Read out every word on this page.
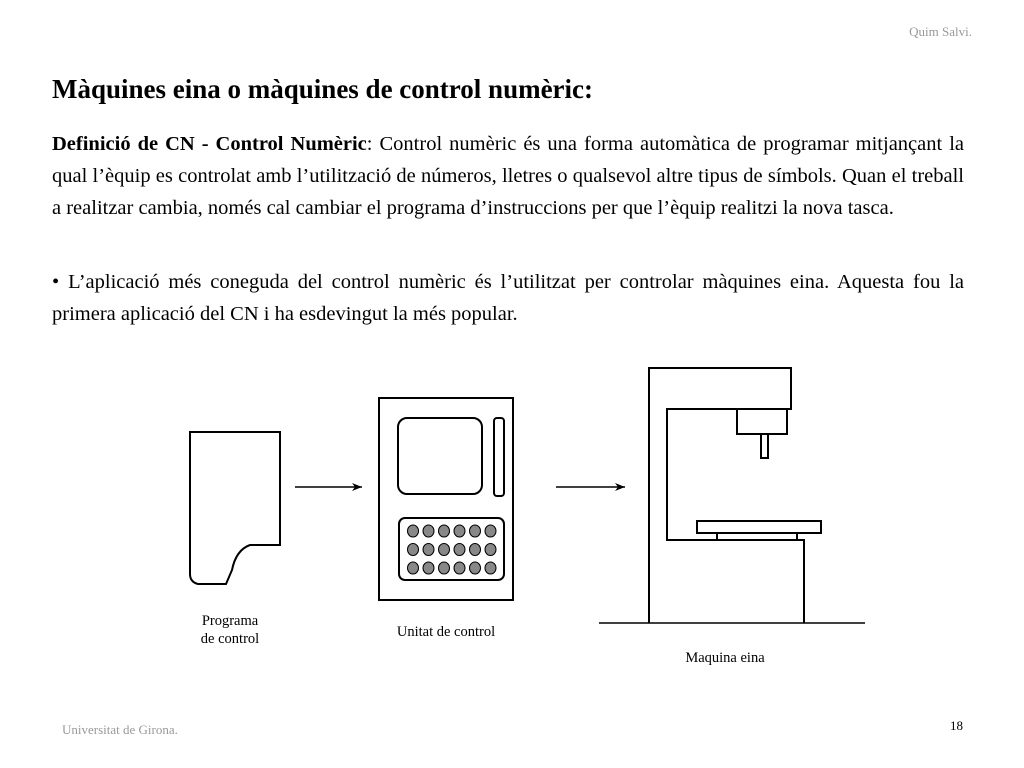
Quim Salvi.
Màquines eina o màquines de control numèric:

Definició de CN - Control Numèric: Control numèric és una forma automàtica de programar mitjançant la qual l’èquip es controlat amb l’utilització de números, lletres o qualsevol altre tipus de símbols. Quan el treball a realitzar cambia, només cal cambiar el programa d’instruccions per que l’èquip realitzi la nova tasca.

• L’aplicació més coneguda del control numèric és l’utilitzat per controlar màquines eina. Aquesta fou la primera aplicació del CN i ha esdevingut la més popular.

Programa
de control	Unitat de control
Maquina eina
Universitat de Girona.	18
